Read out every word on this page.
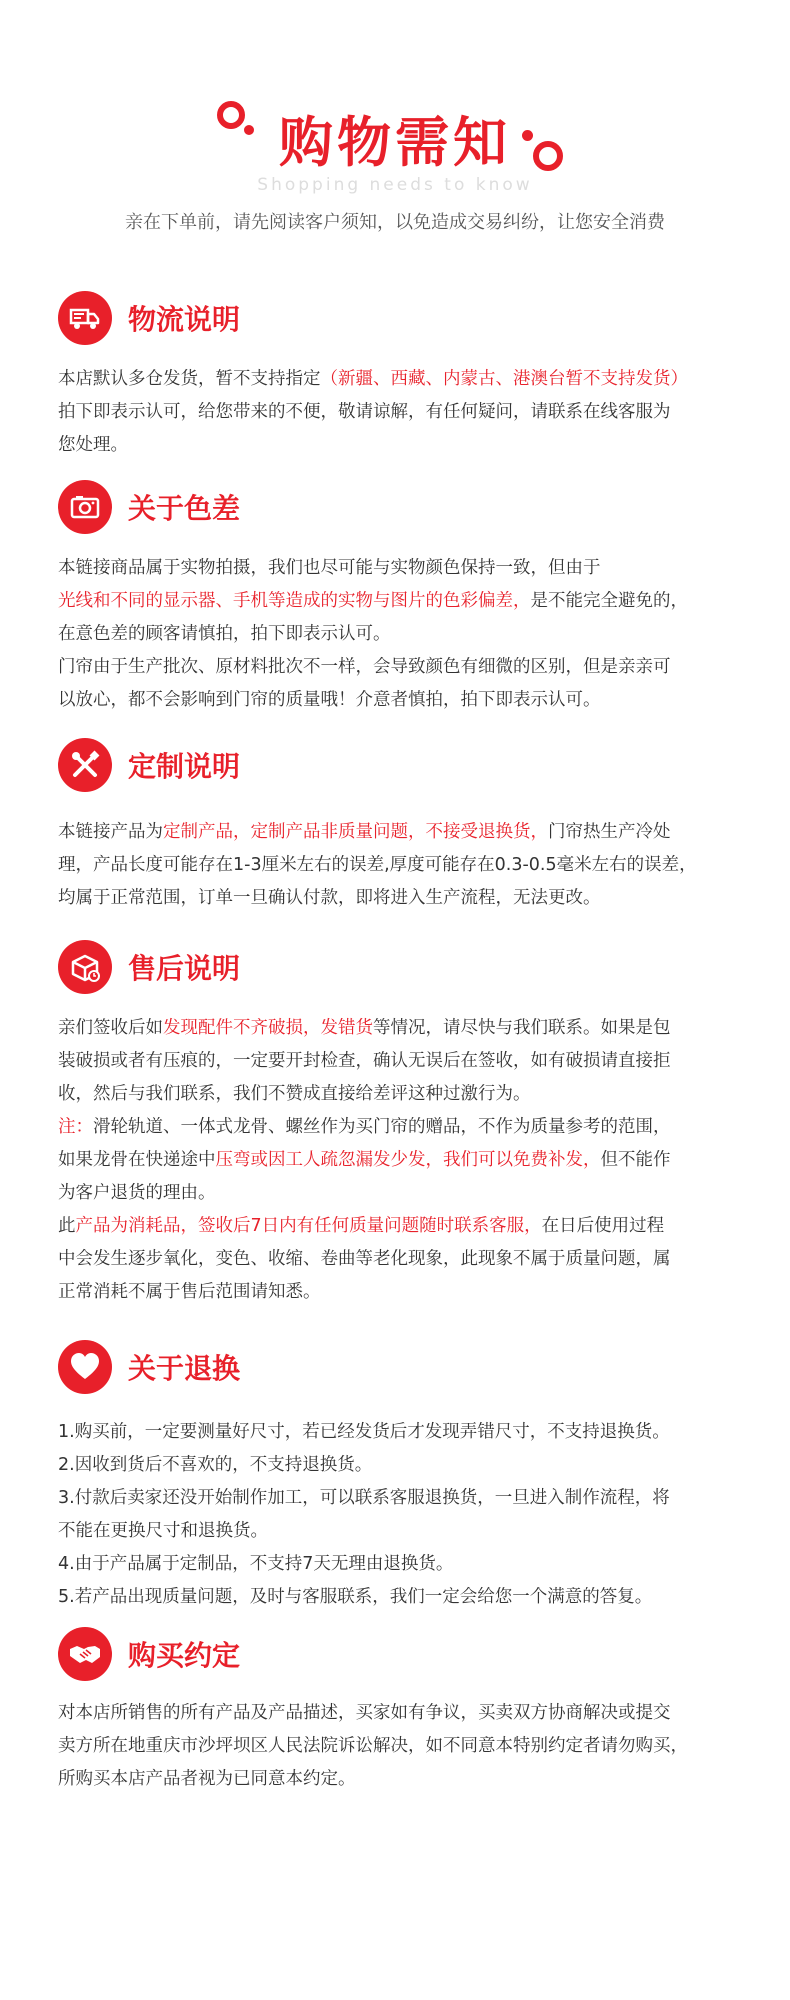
购物需知
Shopping needs to know
亲在下单前，请先阅读客户须知，以免造成交易纠纷，让您安全消费
物流说明
本店默认多仓发货，暂不支持指定（新疆、西藏、内蒙古、港澳台暂不支持发货）
拍下即表示认可，给您带来的不便，敬请谅解，有任何疑问，请联系在线客服为
您处理。
关于色差
本链接商品属于实物拍摄，我们也尽可能与实物颜色保持一致，但由于
光线和不同的显示器、手机等造成的实物与图片的色彩偏差，是不能完全避免的，
在意色差的顾客请慎拍，拍下即表示认可。
门帘由于生产批次、原材料批次不一样，会导致颜色有细微的区别，但是亲亲可
以放心，都不会影响到门帘的质量哦！介意者慎拍，拍下即表示认可。
定制说明
本链接产品为定制产品，定制产品非质量问题，不接受退换货，门帘热生产冷处
理，产品长度可能存在1-3厘米左右的误差,厚度可能存在0.3-0.5毫米左右的误差，
均属于正常范围，订单一旦确认付款，即将进入生产流程，无法更改。
售后说明
亲们签收后如发现配件不齐破损，发错货等情况，请尽快与我们联系。如果是包
装破损或者有压痕的，一定要开封检查，确认无误后在签收，如有破损请直接拒
收，然后与我们联系，我们不赞成直接给差评这种过激行为。
注：滑轮轨道、一体式龙骨、螺丝作为买门帘的赠品，不作为质量参考的范围，
如果龙骨在快递途中压弯或因工人疏忽漏发少发，我们可以免费补发，但不能作
为客户退货的理由。
此产品为消耗品，签收后7日内有任何质量问题随时联系客服，在日后使用过程
中会发生逐步氧化，变色、收缩、卷曲等老化现象，此现象不属于质量问题，属
正常消耗不属于售后范围请知悉。
关于退换
1.购买前，一定要测量好尺寸，若已经发货后才发现弄错尺寸，不支持退换货。
2.因收到货后不喜欢的，不支持退换货。
3.付款后卖家还没开始制作加工，可以联系客服退换货，一旦进入制作流程，将
不能在更换尺寸和退换货。
4.由于产品属于定制品，不支持7天无理由退换货。
5.若产品出现质量问题，及时与客服联系，我们一定会给您一个满意的答复。
购买约定
对本店所销售的所有产品及产品描述，买家如有争议，买卖双方协商解决或提交
卖方所在地重庆市沙坪坝区人民法院诉讼解决，如不同意本特别约定者请勿购买，
所购买本店产品者视为已同意本约定。
